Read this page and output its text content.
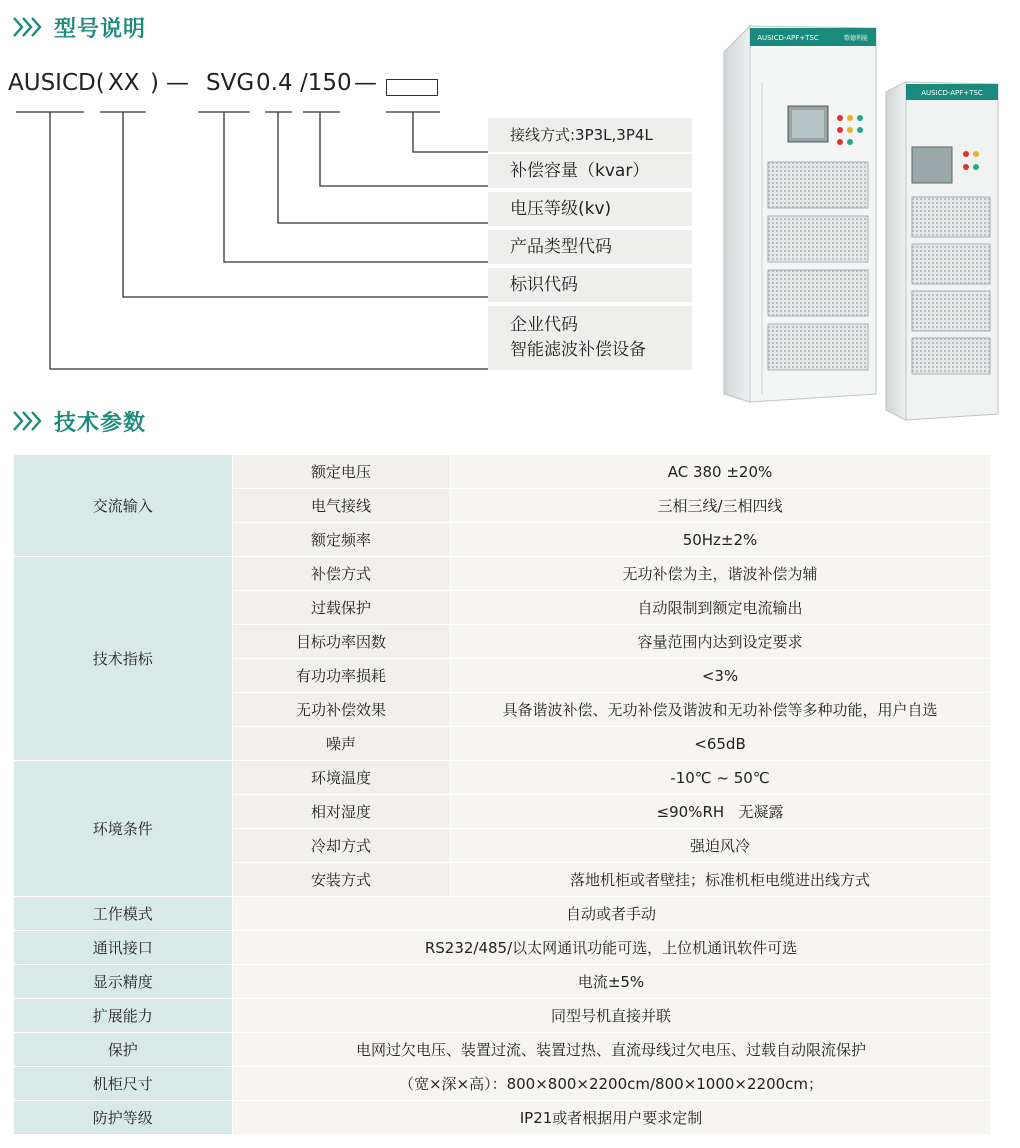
型号说明
AUSICD( XX ) — SVG 0.4 /150 —
接线方式:3P3L,3P4L
补偿容量（kvar）
电压等级(kv)
产品类型代码
标识代码
企业代码
智能滤波补偿设备
AUSICD-APF+TSC
AUSICD-APF+TSC	歌德利能
技术参数
交流输入	额定电压	AC 380 ±20%
	电气接线	三相三线/三相四线
	额定频率	50Hz±2%
技术指标	补偿方式	无功补偿为主，谐波补偿为辅
	过载保护	自动限制到额定电流输出
	目标功率因数	容量范围内达到设定要求
	有功功率损耗	<3%
	无功补偿效果	具备谐波补偿、无功补偿及谐波和无功补偿等多种功能，用户自选
	噪声	<65dB
环境条件	环境温度	-10℃ ~ 50℃
	相对湿度	≤90%RH   无凝露
	冷却方式	强迫风冷
	安装方式	落地机柜或者壁挂；标准机柜电缆进出线方式
工作模式	自动或者手动	
通讯接口	RS232/485/以太网通讯功能可选，上位机通讯软件可选	
显示精度	电流±5%	
扩展能力	同型号机直接并联	
保护	电网过欠电压、装置过流、装置过热、直流母线过欠电压、过载自动限流保护	
机柜尺寸	（宽×深×高）：800×800×2200cm/800×1000×2200cm；	
防护等级	IP21或者根据用户要求定制	
